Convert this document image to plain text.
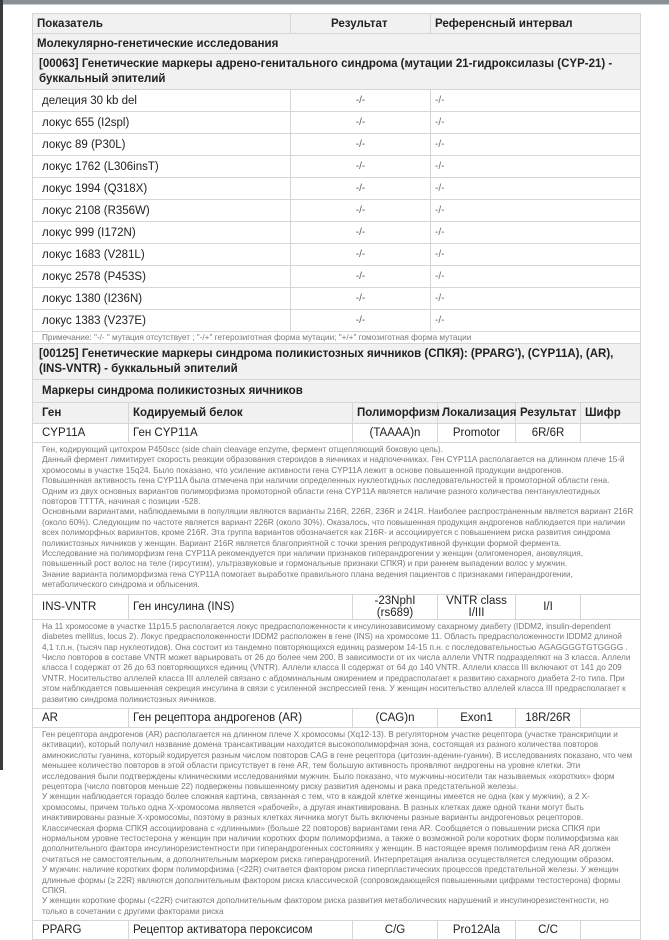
Показатель	Результат	Референсный интервал
Молекулярно-генетические исследования		
[00063] Генетические маркеры адрено-генитального синдрома (мутации 21-гидроксилазы (CYP-21) - буккальный эпителий		
делеция 30 kb del	-/-	-/-
локус 655 (I2spl)	-/-	-/-
локус 89 (P30L)	-/-	-/-
локус 1762 (L306insT)	-/-	-/-
локус 1994 (Q318X)	-/-	-/-
локус 2108 (R356W)	-/-	-/-
локус 999 (I172N)	-/-	-/-
локус 1683 (V281L)	-/-	-/-
локус 2578 (P453S)	-/-	-/-
локус 1380 (I236N)	-/-	-/-
локус 1383 (V237E)	-/-	-/-
Примечание: "-/- " мутация отсутствует ; "-/+" гетерозиготная форма мутации; "+/+" гомозиготная форма мутации		
[00125] Генетические маркеры синдрома поликистозных яичников (СПКЯ): (PPARG'), (CYP11A), (AR), (INS-VNTR) - буккальный эпителий		
Маркеры синдрома поликистозных яичников					
Ген	Кодируемый белок	Полиморфизм	Локализация	Результат	Шифр
CYP11A	Ген CYP11A	(TAAAA)n	Promotor	6R/6R	

Ген, кодирующий цитохром P450scc (side chain cleavage enzyme, фермент отщепляющий боковую цепь).

Данный фермент лимитирует скорость реакции образования стероидов в яичниках и надпочечниках. Ген CYP11A располагается на длинном плече 15-й хромосомы в участке 15q24. Было показано, что усиление активности гена CYP11A лежит в основе повышенной продукции андрогенов.

Повышенная активность гена CYP11A была отмечена при наличии определенных нуклеотидных последовательностей в промоторной области гена.

Одним из двух основных вариантов полиморфизма промоторной области гена CYP11A является наличие разного количества пентануклеотидных повторов TTTTA, начиная с позиции -528.

Основными вариантами, наблюдаемыми в популяции являются варианты 216R, 226R, 236R и 241R. Наиболее распространенным является вариант 216R (около 60%). Следующим по частоте является вариант 226R (около 30%). Оказалось, что повышенная продукция андрогенов наблюдается при наличии всех полиморфных вариантов, кроме 216R. Эта группа вариантов обозначается как 216R- и ассоциируется с повышением риска развития синдрома поликистозных яичников у женщин. Вариант 216R является благоприятной с точки зрения репродуктивной функции формой фермента.

Исследование на полиморфизм гена CYP11A рекомендуется при наличии признаков гиперандрогении у женщин (олигоменорея, ановуляция, повышенный рост волос на теле (гирсутизм), ультразвуковые и гормональные признаки СПКЯ) и при раннем выпадении волос у мужчин.

Знание варианта полиморфизма гена CYP11A помогает выработке правильного плана ведения пациентов с признаками гиперандрогении, метаболического синдрома и облысения.

INS-VNTR	Ген инсулина (INS)	-23NphI (rs689)	VNTR class I/III	I/I	

На 11 хромосоме в участке 11p15.5 располагается локус предрасположенности к инсулинозависимому сахарному диабету (IDDM2, insulin-dependent diabetes mellitus, locus 2). Локус предрасположенности IDDM2 расположен в гене (INS) на хромосоме 11. Область предрасположенности IDDM2 длиной 4,1 т.п.н. (тысяч пар нуклеотидов). Она состоит из тандемно повторяющихся единиц размером 14-15 п.н. с последовательностью AGAGGGGTGTGGGG . Число повторов в составе VNTR может варьировать от 26 до более чем 200. В зависимости от их числа аллели VNTR подразделяют на 3 класса. Аллели класса I содержат от 26 до 63 повторяющихся единиц (VNTR). Аллели класса II содержат от 64 до 140 VNTR. Аллели класса III включают от 141 до 209 VNTR. Носительство аллелей класса III аллелей связано с абдоминальным ожирением и предрасполагает к развитию сахарного диабета 2-го типа. При этом наблюдается повышенная секреция инсулина в связи с усиленной экспрессией гена. У женщин носительство аллелей класса III предрасполагает к развитию синдрома поликистозных яичников.					

AR	Ген рецептора андрогенов (AR)	(CAG)n	Exon1	18R/26R	

Ген рецептора андрогенов (AR) располагается на длинном плече X хромосомы (Xq12-13). В регуляторном участке рецептора (участке транскрипции и активации), который получил название домена трансактивации находится высокополиморфная зона, состоящая из разного количества повторов аминокислоты гуанина, который кодируется разным числом повторов CAG в гене рецептора (цитозин-аденин-гуанин). В исследованиях показано, что чем меньшее количество повторов в этой области присутствует в гене AR, тем большую активность проявляют андрогены на уровне клетки. Эти исследования были подтверждены клиническими исследованиями мужчин. Было показано, что мужчины-носители так называемых «коротких» форм рецептора (число повторов меньше 22) подвержены повышенному риску развития аденомы и рака предстательной железы.

У женщин наблюдается гораздо более сложная картина, связанная с тем, что в каждой клетке женщины имеется не одна (как у мужчин), а 2 X-хромосомы, причем только одна X-хромосома является «рабочей», а другая инактивирована. В разных клетках даже одной ткани могут быть инактивированы разные X-хромосомы, поэтому в разных клетках яичника могут быть включены разные варианты андрогеновых рецепторов. Классическая форма СПКЯ ассоциирована с «длинными» (больше 22 повторов) вариантами гена AR. Сообщается о повышении риска СПКЯ при нормальном уровне тестостерона у женщин при наличии коротких форм полиморфизма, а также о возможной роли коротких форм полиморфизма как дополнительного фактора инсулинорезистентности при гиперандрогенных состояниях у женщин. В настоящее время полиморфизм гена AR должен считаться не самостоятельным, а дополнительным маркером риска гиперандрогений. Интерпретация анализа осуществляется следующим образом.

У мужчин: наличие коротких форм полиморфизма (<22R) считается фактором риска гиперпластических процессов предстательной железы. У женщин длинные формы (≥ 22R) являются дополнительным фактором риска классической (сопровождающейся повышенными цифрами тестостерона) формы СПКЯ.

У женщин короткие формы (<22R) считаются дополнительным фактором риска развития метаболических нарушений и инсулинорезистентности, но только в сочетании с другими факторами риска					

PPARG	Рецептор активатора пероксисом	C/G	Pro12Ala	C/C	
